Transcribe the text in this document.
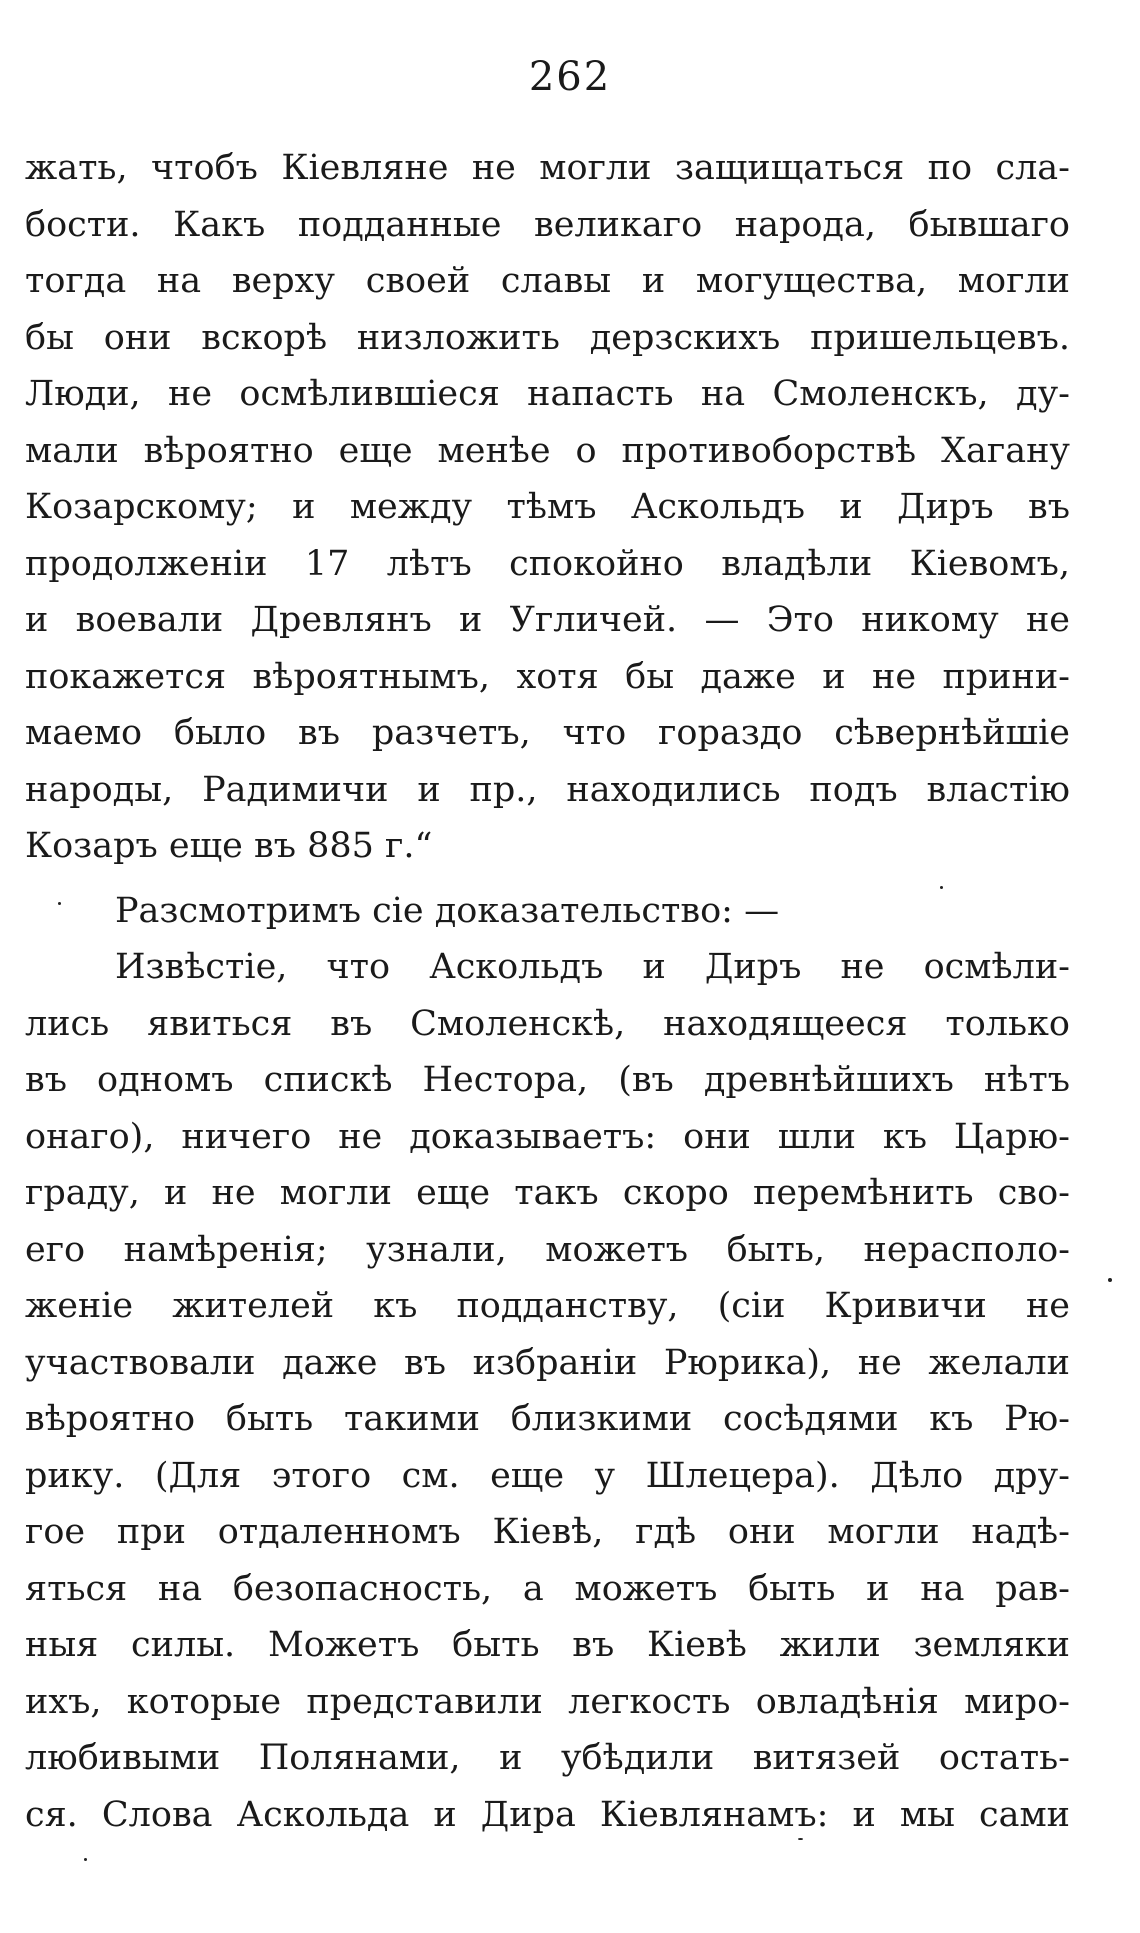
262
жать, чтобъ Кіевляне не могли защищаться по сла-
бости. Какъ подданные великаго народа, бывшаго
тогда на верху своей славы и могущества, могли
бы они вскорѣ низложить дерзскихъ пришельцевъ.
Люди, не осмѣлившіеся напасть на Смоленскъ, ду-
мали вѣроятно еще менѣе о противоборствѣ Хагану
Козарскому; и между тѣмъ Аскольдъ и Диръ въ
продолженіи 17 лѣтъ спокойно владѣли Кіевомъ,
и воевали Древлянъ и Угличей. — Это никому не
покажется вѣроятнымъ, хотя бы даже и не прини-
маемо было въ разчетъ, что гораздо сѣвернѣйшіе
народы, Радимичи и пр., находились подъ властію
Козаръ еще въ 885 г.“
Разсмотримъ сіе доказательство: —
Извѣстіе, что Аскольдъ и Диръ не осмѣли-
лись явиться въ Смоленскѣ, находящееся только
въ одномъ спискѣ Нестора, (въ древнѣйшихъ нѣтъ
онаго), ничего не доказываетъ: они шли къ Царю-
граду, и не могли еще такъ скоро перемѣнить сво-
его намѣренія; узнали, можетъ быть, нерасполо-
женіе жителей къ подданству, (сіи Кривичи не
участвовали даже въ избраніи Рюрика), не желали
вѣроятно быть такими близкими сосѣдями къ Рю-
рику. (Для этого см. еще у Шлецера). Дѣло дру-
гое при отдаленномъ Кіевѣ, гдѣ они могли надѣ-
яться на безопасность, а можетъ быть и на рав-
ныя силы. Можетъ быть въ Кіевѣ жили земляки
ихъ, которые представили легкость овладѣнія миро-
любивыми Полянами, и убѣдили витязей остать-
ся. Слова Аскольда и Дира Кіевлянамъ: и мы сами
